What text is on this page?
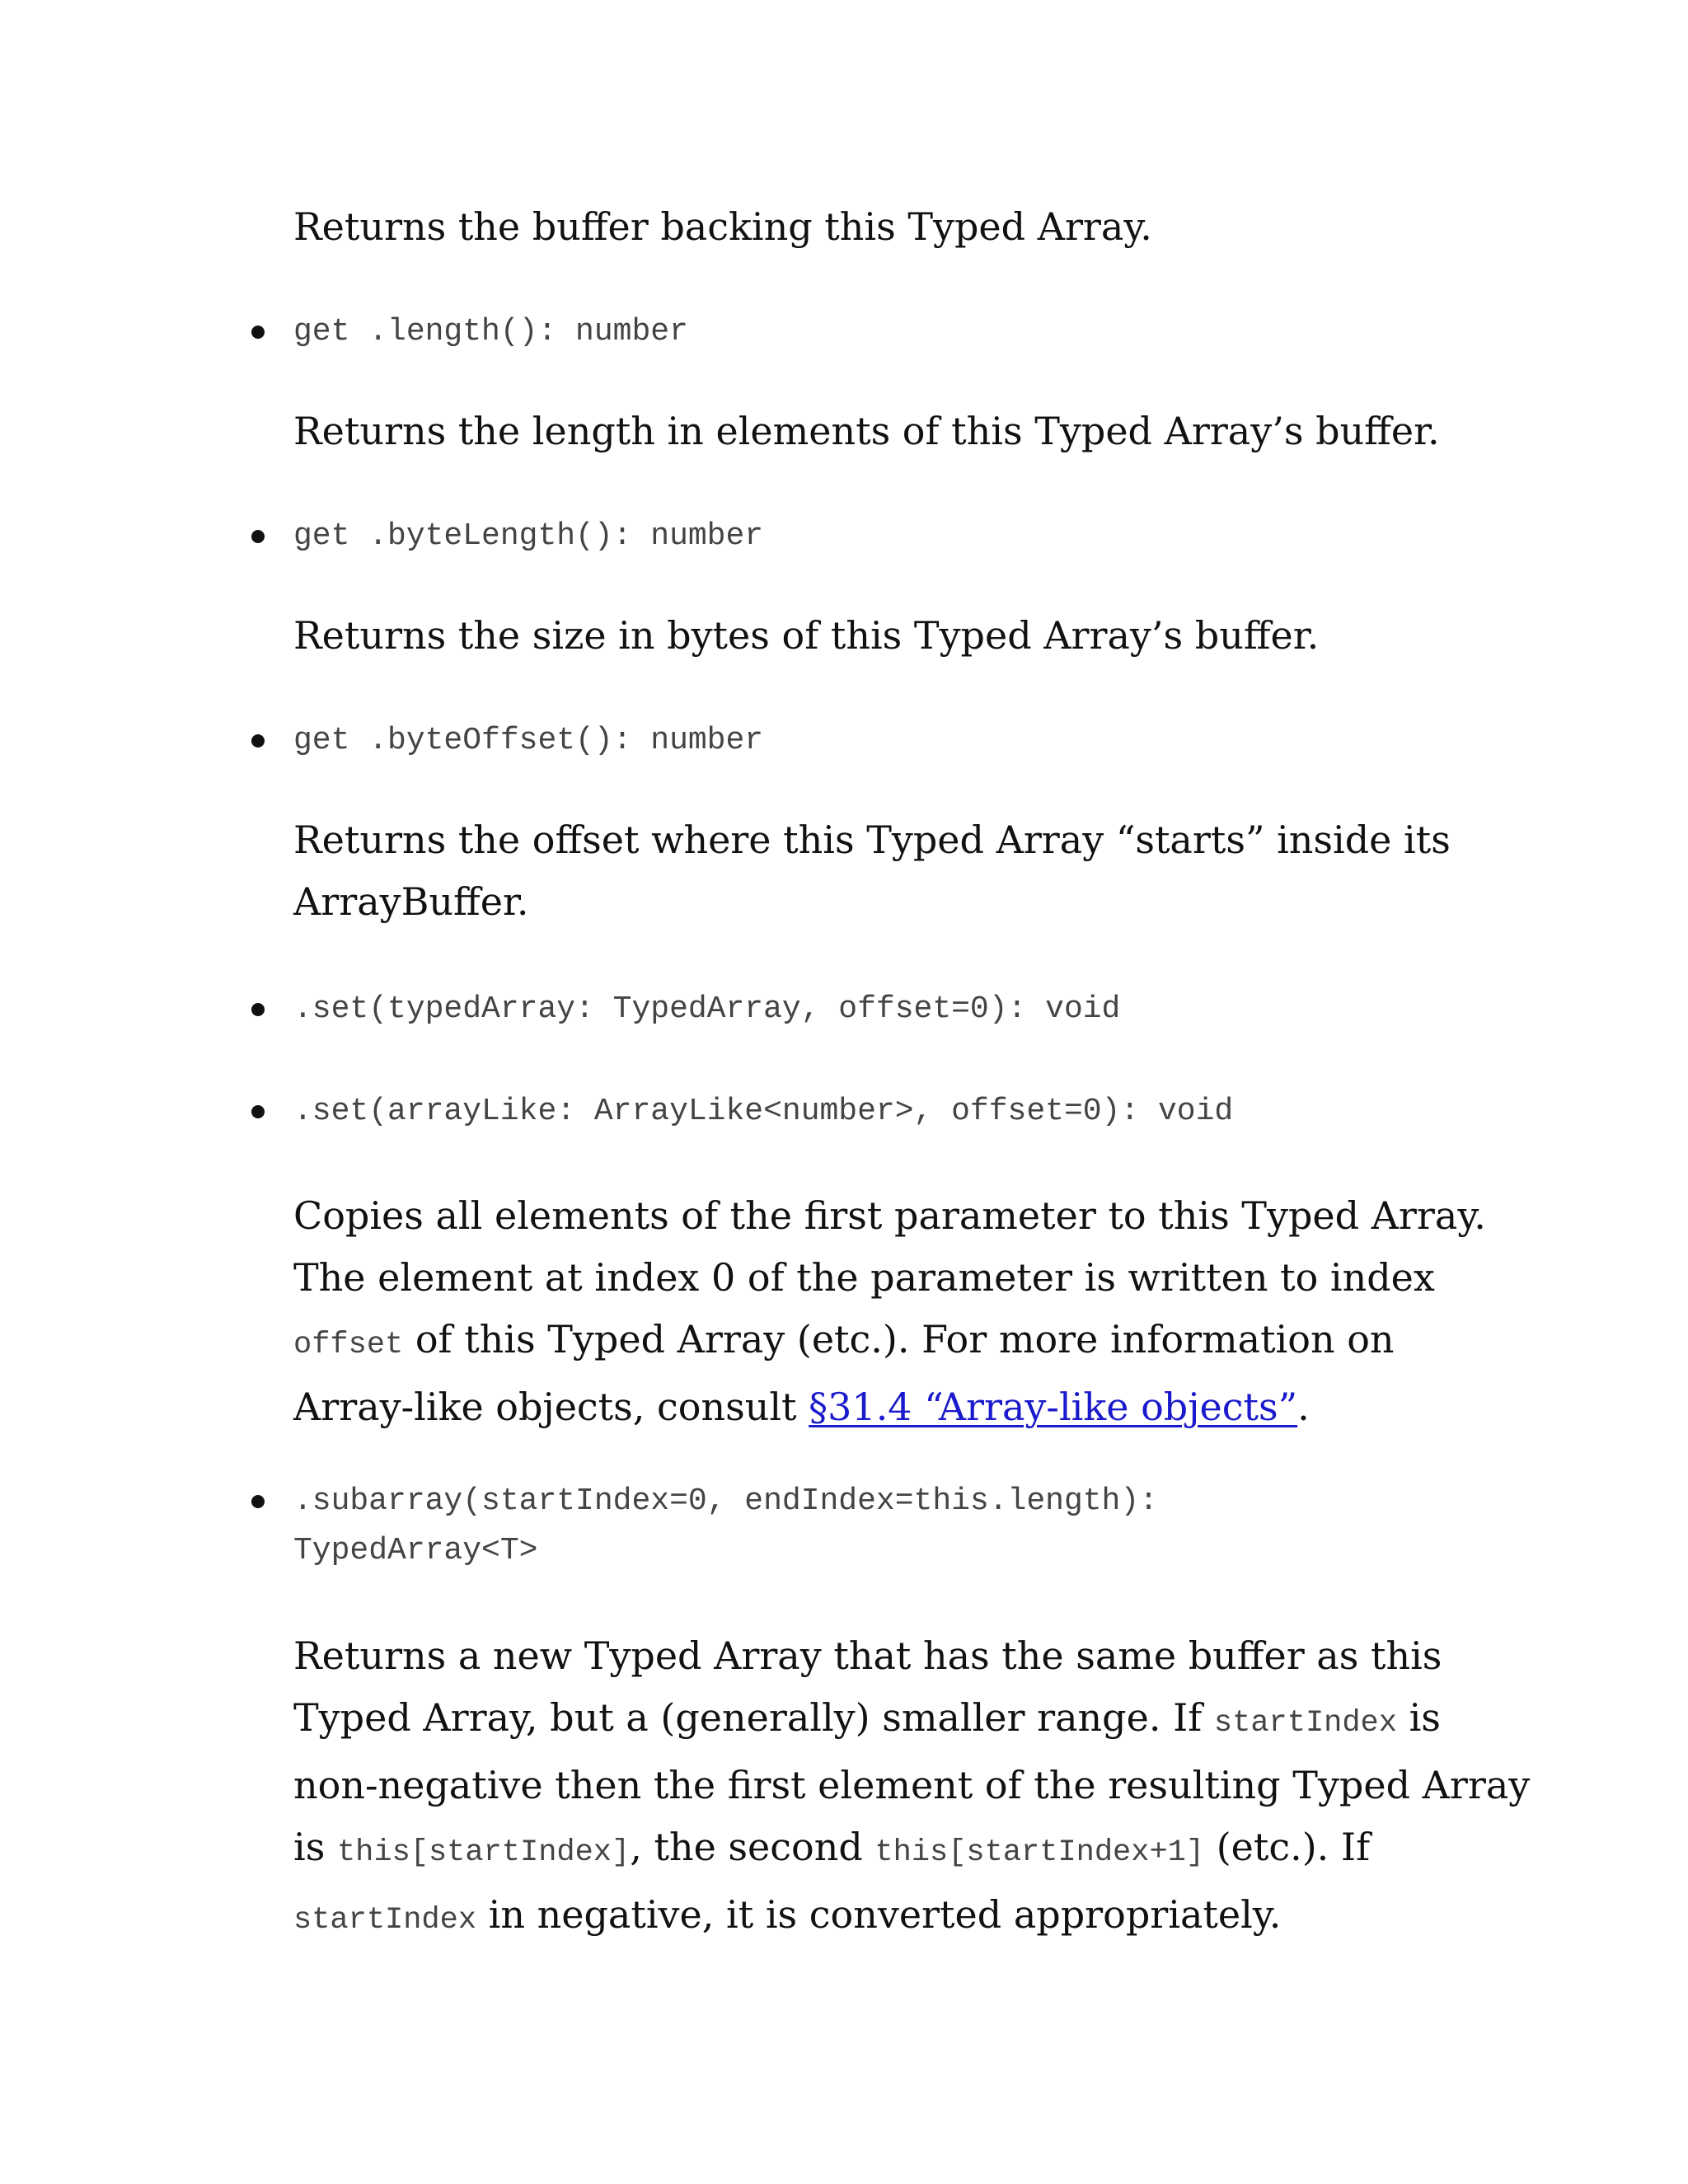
Returns the buffer backing this Typed Array.

get .length(): number

Returns the length in elements of this Typed Array’s buffer.

get .byteLength(): number

Returns the size in bytes of this Typed Array’s buffer.

get .byteOffset(): number

Returns the offset where this Typed Array “starts” inside its
ArrayBuffer.

.set(typedArray: TypedArray, offset=0): void
.set(arrayLike: ArrayLike<number>, offset=0): void

Copies all elements of the first parameter to this Typed Array.
The element at index 0 of the parameter is written to index
offset of this Typed Array (etc.). For more information on
Array-like objects, consult §31.4 “Array-like objects”.

.subarray(startIndex=0, endIndex=this.length):
TypedArray<T>

Returns a new Typed Array that has the same buffer as this
Typed Array, but a (generally) smaller range. If startIndex is
non-negative then the first element of the resulting Typed Array
is this[startIndex], the second this[startIndex+1] (etc.). If
startIndex in negative, it is converted appropriately.
